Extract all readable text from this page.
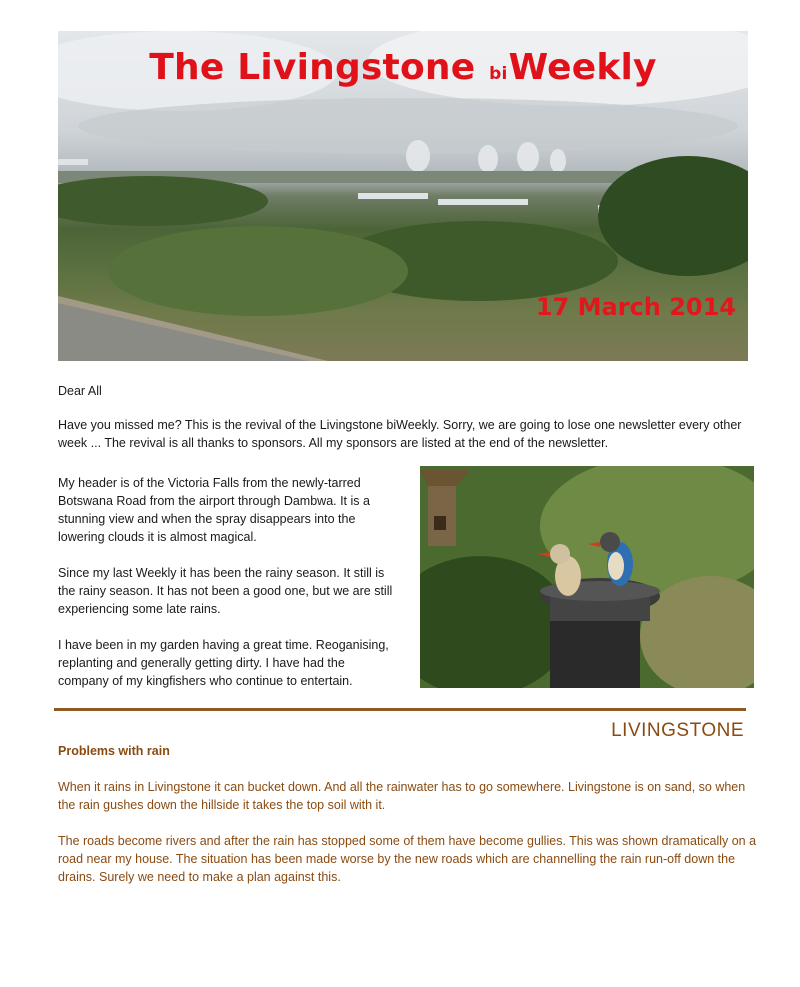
The Livingstone biWeekly
17 March 2014

Dear All

Have you missed me? This is the revival of the Livingstone biWeekly. Sorry, we are going to lose one newsletter every other week ... The revival is all thanks to sponsors. All my sponsors are listed at the end of the newsletter.

My header is of the Victoria Falls from the newly-tarred Botswana Road from the airport through Dambwa. It is a stunning view and when the spray disappears into the lowering clouds it is almost magical.

Since my last Weekly it has been the rainy season. It still is the rainy season. It has not been a good one, but we are still experiencing some late rains.

I have been in my garden having a great time. Reoganising, replanting and generally getting dirty. I have had the company of my kingfishers who continue to entertain.

LIVINGSTONE
Problems with rain

When it rains in Livingstone it can bucket down. And all the rainwater has to go somewhere. Livingstone is on sand, so when the rain gushes down the hillside it takes the top soil with it.

The roads become rivers and after the rain has stopped some of them have become gullies. This was shown dramatically on a road near my house. The situation has been made worse by the new roads which are channelling the rain run-off down the drains. Surely we need to make a plan against this.
